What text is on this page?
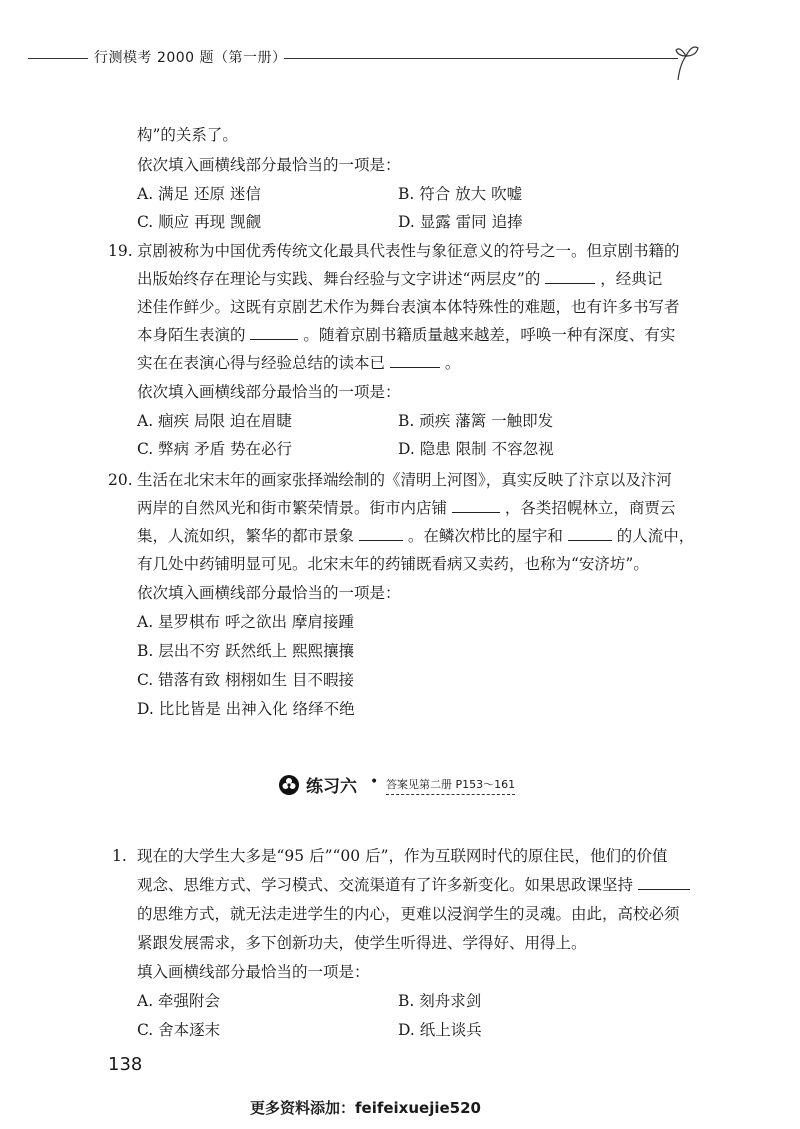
行测模考 2000 题（第一册）
构”的关系了。
依次填入画横线部分最恰当的一项是：
A. 满足 还原 迷信	B. 符合 放大 吹嘘
C. 顺应 再现 觊觎	D. 显露 雷同 追捧
19. 京剧被称为中国优秀传统文化最具代表性与象征意义的符号之一。但京剧书籍的
出版始终存在理论与实践、舞台经验与文字讲述“两层皮”的	，经典记
述佳作鲜少。这既有京剧艺术作为舞台表演本体特殊性的难题，也有许多书写者
本身陌生表演的	。随着京剧书籍质量越来越差，呼唤一种有深度、有实
实在在表演心得与经验总结的读本已	。
依次填入画横线部分最恰当的一项是：
A. 痼疾 局限 迫在眉睫	B. 顽疾 藩篱 一触即发
C. 弊病 矛盾 势在必行	D. 隐患 限制 不容忽视
20. 生活在北宋末年的画家张择端绘制的《清明上河图》，真实反映了汴京以及汴河
两岸的自然风光和街市繁荣情景。街市内店铺	，各类招幌林立，商贾云
集，人流如织，繁华的都市景象	。在鳞次栉比的屋宇和	的人流中，
有几处中药铺明显可见。北宋末年的药铺既看病又卖药，也称为“安济坊”。
依次填入画横线部分最恰当的一项是：
A. 星罗棋布 呼之欲出 摩肩接踵
B. 层出不穷 跃然纸上 熙熙攘攘
C. 错落有致 栩栩如生 目不暇接
D. 比比皆是 出神入化 络绎不绝
练习六 • 答案见第二册 P153～161
1. 现在的大学生大多是“95 后”“00 后”，作为互联网时代的原住民，他们的价值
观念、思维方式、学习模式、交流渠道有了许多新变化。如果思政课坚持
的思维方式，就无法走进学生的内心，更难以浸润学生的灵魂。由此，高校必须
紧跟发展需求，多下创新功夫，使学生听得进、学得好、用得上。
填入画横线部分最恰当的一项是：
A. 牵强附会	B. 刻舟求剑
C. 舍本逐末	D. 纸上谈兵
138
更多资料添加：feifeixuejie520
